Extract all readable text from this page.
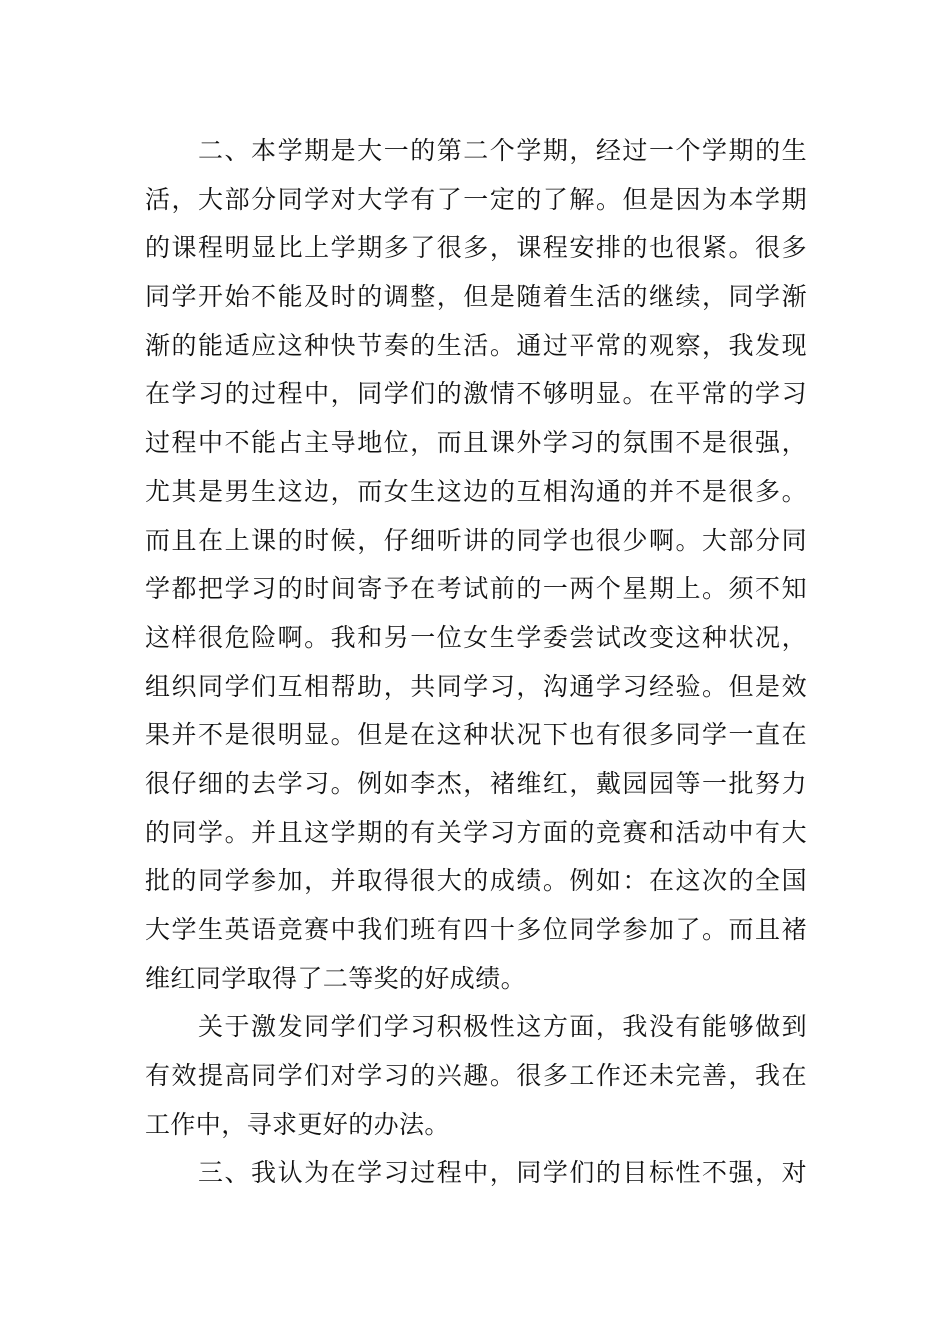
二、本学期是大一的第二个学期，经过一个学期的生
活，大部分同学对大学有了一定的了解。但是因为本学期
的课程明显比上学期多了很多，课程安排的也很紧。很多
同学开始不能及时的调整，但是随着生活的继续，同学渐
渐的能适应这种快节奏的生活。通过平常的观察，我发现
在学习的过程中，同学们的激情不够明显。在平常的学习
过程中不能占主导地位，而且课外学习的氛围不是很强，
尤其是男生这边，而女生这边的互相沟通的并不是很多。
而且在上课的时候，仔细听讲的同学也很少啊。大部分同
学都把学习的时间寄予在考试前的一两个星期上。须不知
这样很危险啊。我和另一位女生学委尝试改变这种状况，
组织同学们互相帮助，共同学习，沟通学习经验。但是效
果并不是很明显。但是在这种状况下也有很多同学一直在
很仔细的去学习。例如李杰，褚维红，戴园园等一批努力
的同学。并且这学期的有关学习方面的竞赛和活动中有大
批的同学参加，并取得很大的成绩。例如：在这次的全国
大学生英语竞赛中我们班有四十多位同学参加了。而且褚
维红同学取得了二等奖的好成绩。
关于激发同学们学习积极性这方面，我没有能够做到
有效提高同学们对学习的兴趣。很多工作还未完善，我在
工作中，寻求更好的办法。
三、我认为在学习过程中，同学们的目标性不强，对
